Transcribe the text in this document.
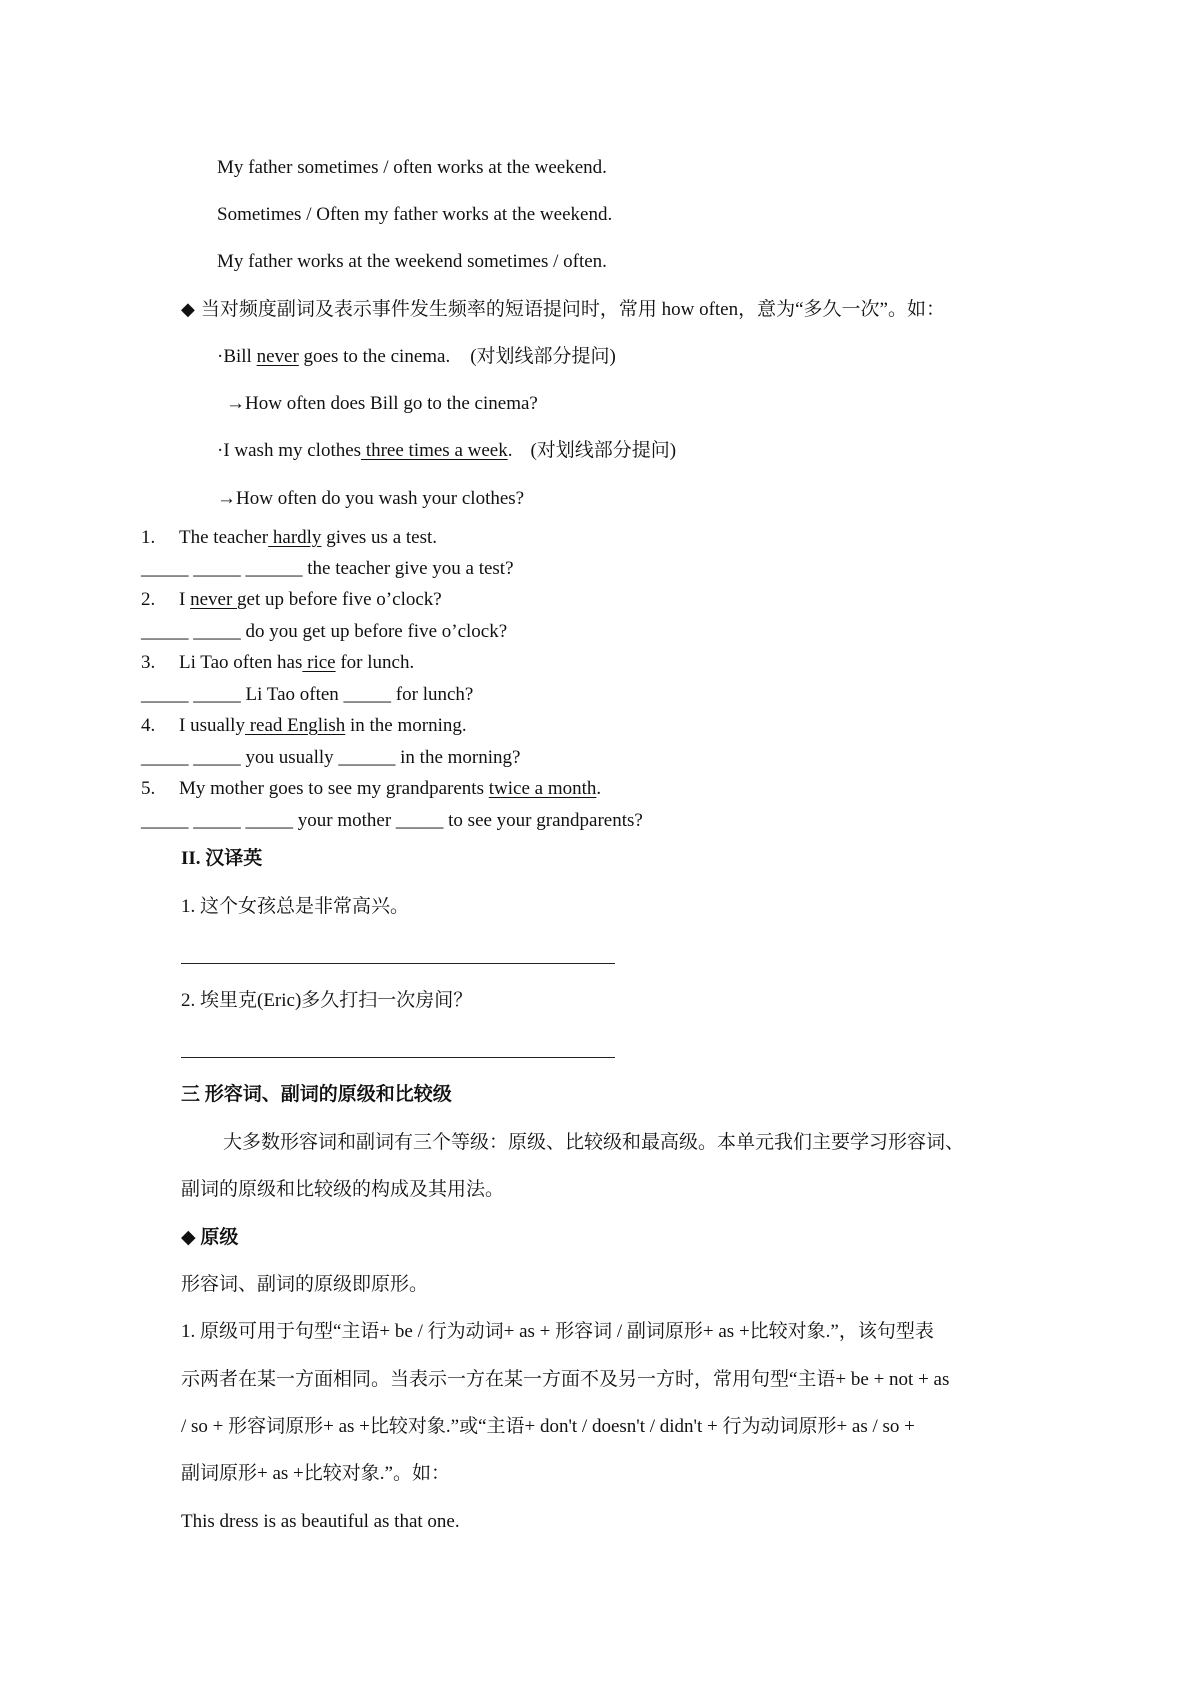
My father sometimes / often works at the weekend.
Sometimes / Often my father works at the weekend.
My father works at the weekend sometimes / often.
◆ 当对频度副词及表示事件发生频率的短语提问时，常用 how often，意为“多久一次”。如：
·Bill never goes to the cinema. (对划线部分提问)
→How often does Bill go to the cinema?
·I wash my clothes three times a week. (对划线部分提问)
→How often do you wash your clothes?
1. The teacher hardly gives us a test.
_____ _____ ______ the teacher give you a test?
2. I never get up before five o’clock?
_____ _____ do you get up before five o’clock?
3. Li Tao often has rice for lunch.
_____ _____ Li Tao often _____ for lunch?
4. I usually read English in the morning.
_____ _____ you usually ______ in the morning?
5. My mother goes to see my grandparents twice a month.
_____ _____ _____ your mother _____ to see your grandparents?
II. 汉译英
1. 这个女孩总是非常高兴。
2. 埃里克(Eric)多久打扫一次房间？
三 形容词、副词的原级和比较级
大多数形容词和副词有三个等级：原级、比较级和最高级。本单元我们主要学习形容词、
副词的原级和比较级的构成及其用法。
◆ 原级
形容词、副词的原级即原形。
1. 原级可用于句型“主语+ be / 行为动词+ as + 形容词 / 副词原形+ as +比较对象.”，该句型表
示两者在某一方面相同。当表示一方在某一方面不及另一方时，常用句型“主语+ be + not + as
/ so + 形容词原形+ as +比较对象.”或“主语+ don't / doesn't / didn't + 行为动词原形+ as / so +
副词原形+ as +比较对象.”。如：
This dress is as beautiful as that one.
